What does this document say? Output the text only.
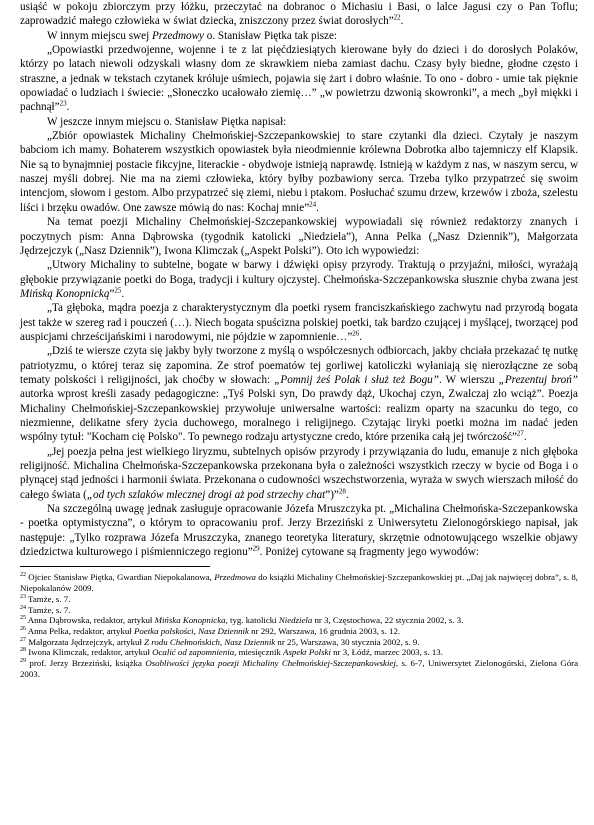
usiąść w pokoju zbiorczym przy łóżku, przeczytać na dobranoc o Michasiu i Basi, o lalce Jagusi czy o Pan Toflu; zaprowadzić małego człowieka w świat dziecka, zniszczony przez świat dorosłych”$^{22}$.

W innym miejscu swej Przedmowy o. Stanisław Piętka tak pisze:

„Opowiastki przedwojenne, wojenne i te z lat pięćdziesiątych kierowane były do dzieci i do dorosłych Polaków, którzy po latach niewoli odzyskali własny dom ze skrawkiem nieba zamiast dachu. Czasy były biedne, głodne często i straszne, a jednak w tekstach czytanek króluje uśmiech, pojawia się żart i dobro właśnie. To ono - dobro - umie tak pięknie opowiadać o ludziach i świecie: „Słoneczko ucałowało ziemię…” „w powietrzu dzwonią skowronki”, a mech „był miękki i pachnął”$^{23}$.

W jeszcze innym miejscu o. Stanisław Piętka napisał:

„Zbiór opowiastek Michaliny Chełmońskiej-Szczepankowskiej to stare czytanki dla dzieci. Czytały je naszym babciom ich mamy. Bohaterem wszystkich opowiastek była nieodmiennie królewna Dobrotka albo tajemniczy elf Klapsik. Nie są to bynajmniej postacie fikcyjne, literackie - obydwoje istnieją naprawdę. Istnieją w każdym z nas, w naszym sercu, w naszej myśli dobrej. Nie ma na ziemi człowieka, który byłby pozbawiony serca. Trzeba tylko przypatrzeć się swoim intencjom, słowom i gestom. Albo przypatrzeć się ziemi, niebu i ptakom. Posłuchać szumu drzew, krzewów i zboża, szelestu liści i brzęku owadów. One zawsze mówią do nas: Kochaj mnie”$^{24}$.

Na temat poezji Michaliny Chełmońskiej-Szczepankowskiej wypowiadali się również redaktorzy znanych i poczytnych pism: Anna Dąbrowska (tygodnik katolicki „Niedziela”), Anna Pelka („Nasz Dziennik”), Małgorzata Jędrzejczyk („Nasz Dziennik”), Iwona Klimczak („Aspekt Polski”). Oto ich wypowiedzi:

„Utwory Michaliny to subtelne, bogate w barwy i dźwięki opisy przyrody. Traktują o przyjaźni, miłości, wyrażają głębokie przywiązanie poetki do Boga, tradycji i kultury ojczystej. Chełmońska-Szczepankowska słusznie chyba zwana jest Mińską Konopnicką”$^{25}$.

„Ta głęboka, mądra poezja z charakterystycznym dla poetki rysem franciszkańskiego zachwytu nad przyrodą bogata jest także w szereg rad i pouczeń (…). Niech bogata spuścizna polskiej poetki, tak bardzo czującej i myślącej, tworzącej pod auspicjami chrześcijańskimi i narodowymi, nie pójdzie w zapomnienie…”$^{26}$.

„Dziś te wiersze czyta się jakby były tworzone z myślą o współczesnych odbiorcach, jakby chciała przekazać tę nutkę patriotyzmu, o której teraz się zapomina. Ze strof poematów tej gorliwej katoliczki wyłaniają się nierozłączne ze sobą tematy polskości i religijności, jak choćby w słowach: „Pomnij żeś Polak i służ też Bogu”. W wierszu „Prezentuj broń” autorka wprost kreśli zasady pedagogiczne: „Tyś Polski syn, Do prawdy dąż, Ukochaj czyn, Zwalczaj zło wciąż”. Poezja Michaliny Chełmońskiej-Szczepankowskiej przywołuje uniwersalne wartości: realizm oparty na szacunku do tego, co niezmienne, delikatne sfery życia duchowego, moralnego i religijnego. Czytając liryki poetki można im nadać jeden wspólny tytuł: "Kocham cię Polsko". To pewnego rodzaju artystyczne credo, które przenika całą jej twórczość”$^{27}$.

„Jej poezja pełna jest wielkiego liryzmu, subtelnych opisów przyrody i przywiązania do ludu, emanuje z nich głęboka religijność. Michalina Chełmońska-Szczepankowska przekonana była o zależności wszystkich rzeczy w bycie od Boga i o płynącej stąd jedności i harmonii świata. Przekonana o cudowności wszechstworzenia, wyraża w swych wierszach miłość do całego świata („od tych szlaków mlecznej drogi aż pod strzechy chat”)”$^{28}$.

Na szczególną uwagę jednak zasługuje opracowanie Józefa Mruszczyka pt. „Michalina Chełmońska-Szczepankowska - poetka optymistyczna”, o którym to opracowaniu prof. Jerzy Brzeziński z Uniwersytetu Zielonogórskiego napisał, jak następuje: „Tylko rozprawa Józefa Mruszczyka, znanego teoretyka literatury, skrzętnie odnotowującego wszelkie objawy dziedzictwa kulturowego i piśmienniczego regionu”$^{29}$. Poniżej cytowane są fragmenty jego wywodów:

$^{22}$ Ojciec Stanisław Piętka, Gwardian Niepokalanowa, Przedmowa do książki Michaliny Chełmońskiej-Szczepankowskiej pt. „Daj jak najwięcej dobra”, s. 8, Niepokalanów 2009.

$^{23}$ Tamże, s. 7.

$^{24}$ Tamże, s. 7.

$^{25}$ Anna Dąbrowska, redaktor, artykuł Mińska Konopnicka, tyg. katolicki Niedziela nr 3, Częstochowa, 22 stycznia 2002, s. 3.

$^{26}$ Anna Pelka, redaktor, artykuł Poetka polskości, Nasz Dziennik nr 292, Warszawa, 16 grudnia 2003, s. 12.

$^{27}$ Małgorzata Jędrzejczyk, artykuł Z rodu Chełmońskich, Nasz Dziennik nr 25, Warszawa, 30 stycznia 2002, s. 9.

$^{28}$ Iwona Klimczak, redaktor, artykuł Ocalić od zapomnienia, miesięcznik Aspekt Polski nr 3, Łódź, marzec 2003, s. 13.

$^{29}$ prof. Jerzy Brzeziński, książka Osobliwości języka poezji Michaliny Chełmońskiej-Szczepankowskiej, s. 6-7, Uniwersytet Zielonogórski, Zielona Góra 2003.
